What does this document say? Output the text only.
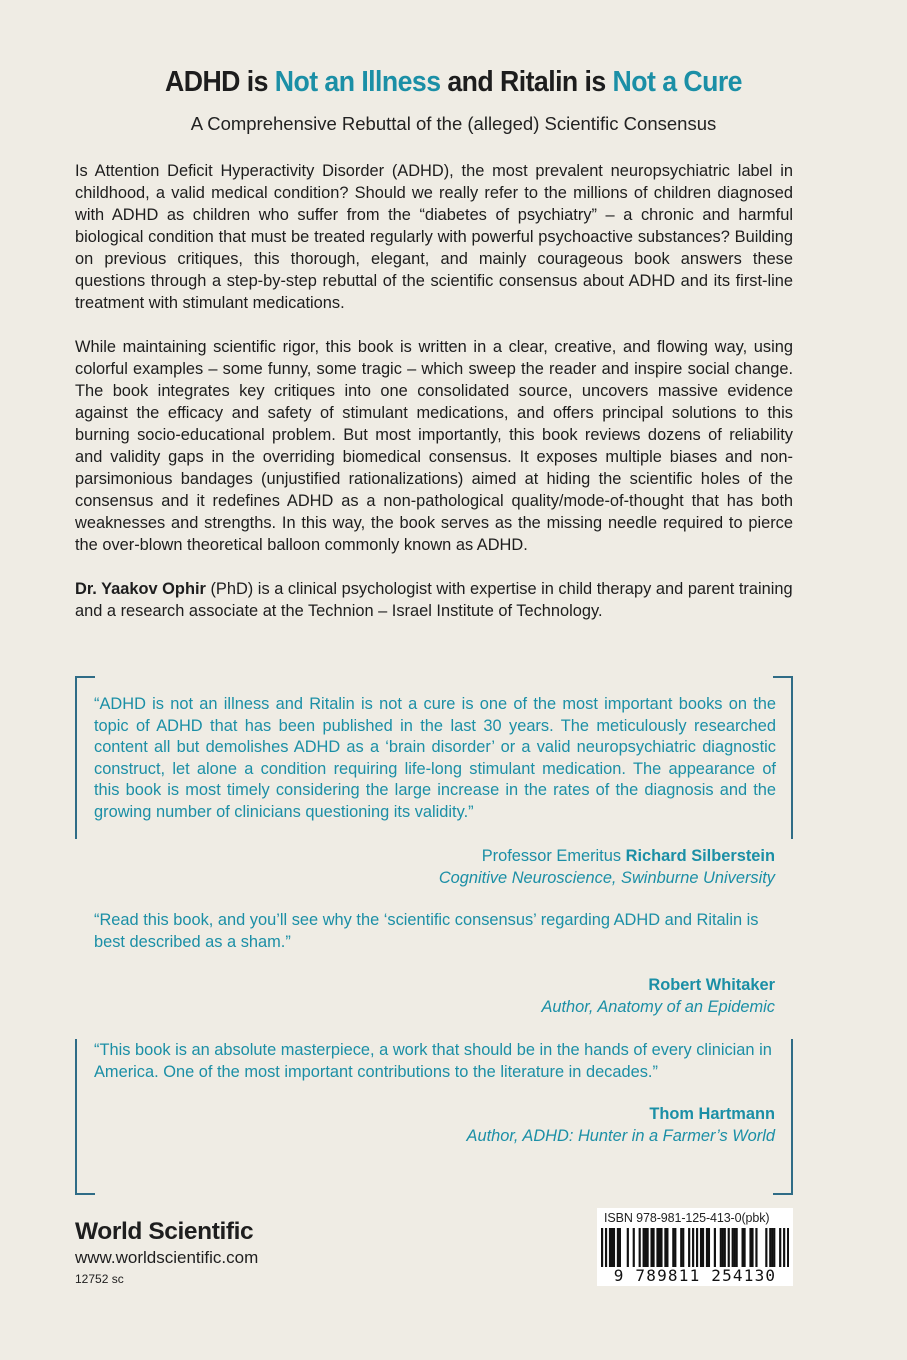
ADHD is Not an Illness and Ritalin is Not a Cure
A Comprehensive Rebuttal of the (alleged) Scientific Consensus

Is Attention Deficit Hyperactivity Disorder (ADHD), the most prevalent neuropsychiatric label in childhood, a valid medical condition? Should we really refer to the millions of children diagnosed with ADHD as children who suffer from the “diabetes of psychiatry” – a chronic and harmful biological condition that must be treated regularly with powerful psychoactive substances? Building on previous critiques, this thorough, elegant, and mainly courageous book answers these questions through a step-by-step rebuttal of the scientific consensus about ADHD and its first-line treatment with stimulant medications.

While maintaining scientific rigor, this book is written in a clear, creative, and flowing way, using colorful examples – some funny, some tragic – which sweep the reader and inspire social change. The book integrates key critiques into one consolidated source, uncovers massive evidence against the efficacy and safety of stimulant medications, and offers principal solutions to this burning socio-educational problem. But most importantly, this book reviews dozens of reliability and validity gaps in the overriding biomedical consensus. It exposes multiple biases and non-parsimonious bandages (unjustified rationalizations) aimed at hiding the scientific holes of the consensus and it redefines ADHD as a non-pathological quality/mode-of-thought that has both weaknesses and strengths. In this way, the book serves as the missing needle required to pierce the over-blown theoretical balloon commonly known as ADHD.

Dr. Yaakov Ophir (PhD) is a clinical psychologist with expertise in child therapy and parent training and a research associate at the Technion – Israel Institute of Technology.

“ADHD is not an illness and Ritalin is not a cure is one of the most important books on the topic of ADHD that has been published in the last 30 years. The meticulously researched content all but demolishes ADHD as a ‘brain disorder’ or a valid neuropsychiatric diagnostic construct, let alone a condition requiring life-long stimulant medication. The appearance of this book is most timely considering the large increase in the rates of the diagnosis and the growing number of clinicians questioning its validity.”

Professor Emeritus Richard Silberstein
Cognitive Neuroscience, Swinburne University

“Read this book, and you’ll see why the ‘scientific consensus’ regarding ADHD and Ritalin is best described as a sham.”

Robert Whitaker
Author, Anatomy of an Epidemic

“This book is an absolute masterpiece, a work that should be in the hands of every clinician in America. One of the most important contributions to the literature in decades.”

Thom Hartmann
Author, ADHD: Hunter in a Farmer’s World
World Scientific
www.worldscientific.com
12752 sc
ISBN 978-981-125-413-0(pbk)
9 789811 254130
